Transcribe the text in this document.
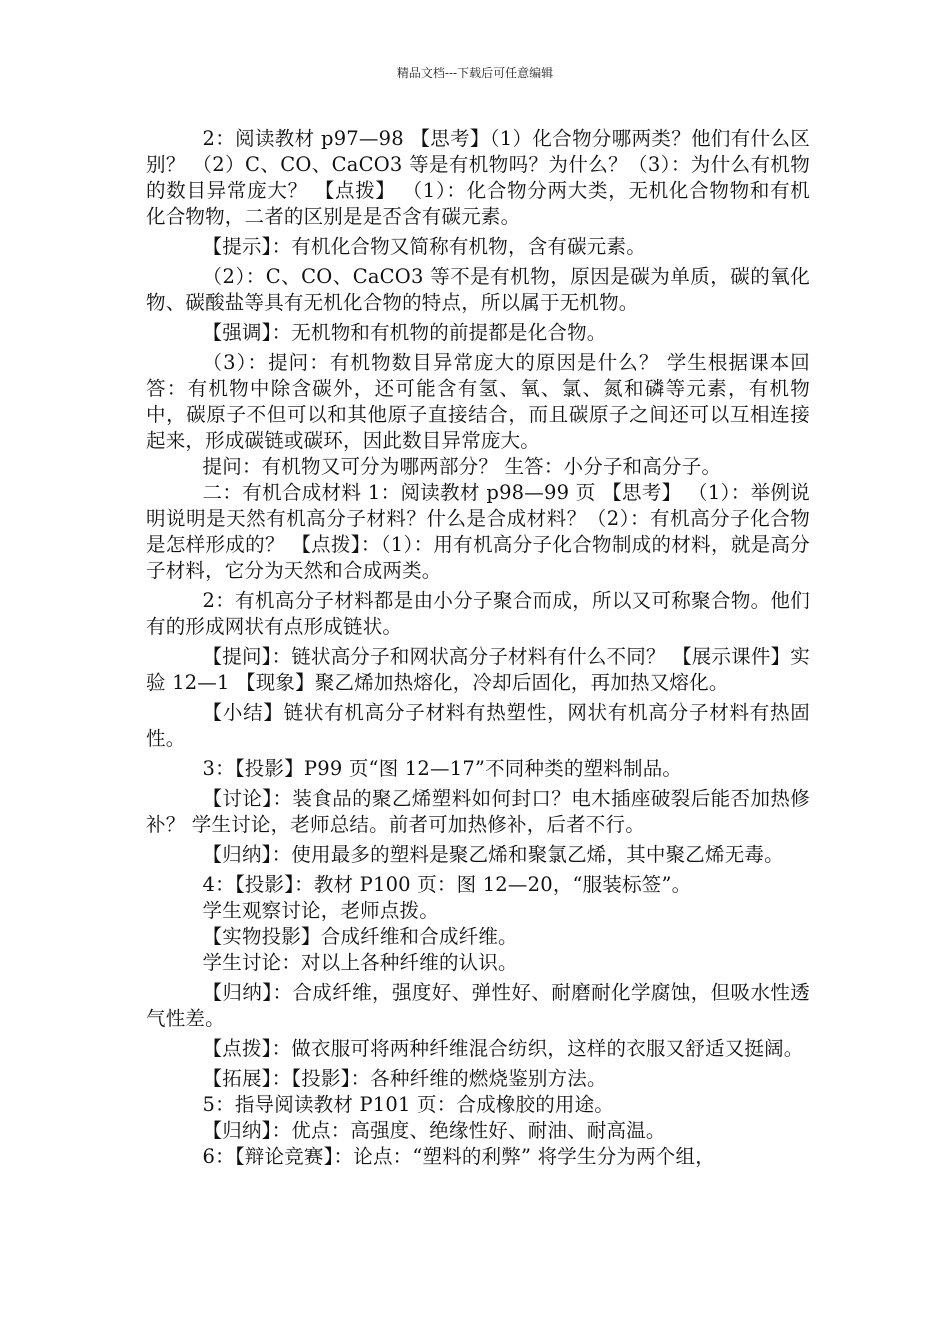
精品文档---下载后可任意编辑

2：阅读教材 p97—98 【思考】（1）化合物分哪两类？他们有什么区别？ （2）C、CO、CaCO3 等是有机物吗？为什么？（3）：为什么有机物的数目异常庞大？ 【点拨】 （1）：化合物分两大类，无机化合物物和有机化合物物，二者的区别是是否含有碳元素。

【提示】：有机化合物又简称有机物，含有碳元素。

（2）：C、CO、CaCO3 等不是有机物，原因是碳为单质，碳的氧化物、碳酸盐等具有无机化合物的特点，所以属于无机物。

【强调】：无机物和有机物的前提都是化合物。

（3）：提问：有机物数目异常庞大的原因是什么？ 学生根据课本回答：有机物中除含碳外，还可能含有氢、氧、氯、氮和磷等元素，有机物中，碳原子不但可以和其他原子直接结合，而且碳原子之间还可以互相连接起来，形成碳链或碳环，因此数目异常庞大。

提问：有机物又可分为哪两部分？ 生答：小分子和高分子。

二：有机合成材料 1：阅读教材 p98—99 页 【思考】 （1）：举例说明说明是天然有机高分子材料？什么是合成材料？（2）：有机高分子化合物是怎样形成的？ 【点拨】：（1）：用有机高分子化合物制成的材料，就是高分子材料，它分为天然和合成两类。

2：有机高分子材料都是由小分子聚合而成，所以又可称聚合物。他们有的形成网状有点形成链状。

【提问】：链状高分子和网状高分子材料有什么不同？ 【展示课件】实验 12—1 【现象】聚乙烯加热熔化，冷却后固化，再加热又熔化。

【小结】链状有机高分子材料有热塑性，网状有机高分子材料有热固性。

3：【投影】P99 页“图 12—17”不同种类的塑料制品。

【讨论】：装食品的聚乙烯塑料如何封口？电木插座破裂后能否加热修补？ 学生讨论，老师总结。前者可加热修补，后者不行。

【归纳】：使用最多的塑料是聚乙烯和聚氯乙烯，其中聚乙烯无毒。

4：【投影】：教材 P100 页：图 12—20，“服装标签”。

学生观察讨论，老师点拨。

【实物投影】合成纤维和合成纤维。

学生讨论：对以上各种纤维的认识。

【归纳】：合成纤维，强度好、弹性好、耐磨耐化学腐蚀，但吸水性透气性差。

【点拨】：做衣服可将两种纤维混合纺织，这样的衣服又舒适又挺阔。

【拓展】：【投影】：各种纤维的燃烧鉴别方法。

5：指导阅读教材 P101 页：合成橡胶的用途。

【归纳】：优点：高强度、绝缘性好、耐油、耐高温。

6：【辩论竞赛】：论点：“塑料的利弊” 将学生分为两个组，
